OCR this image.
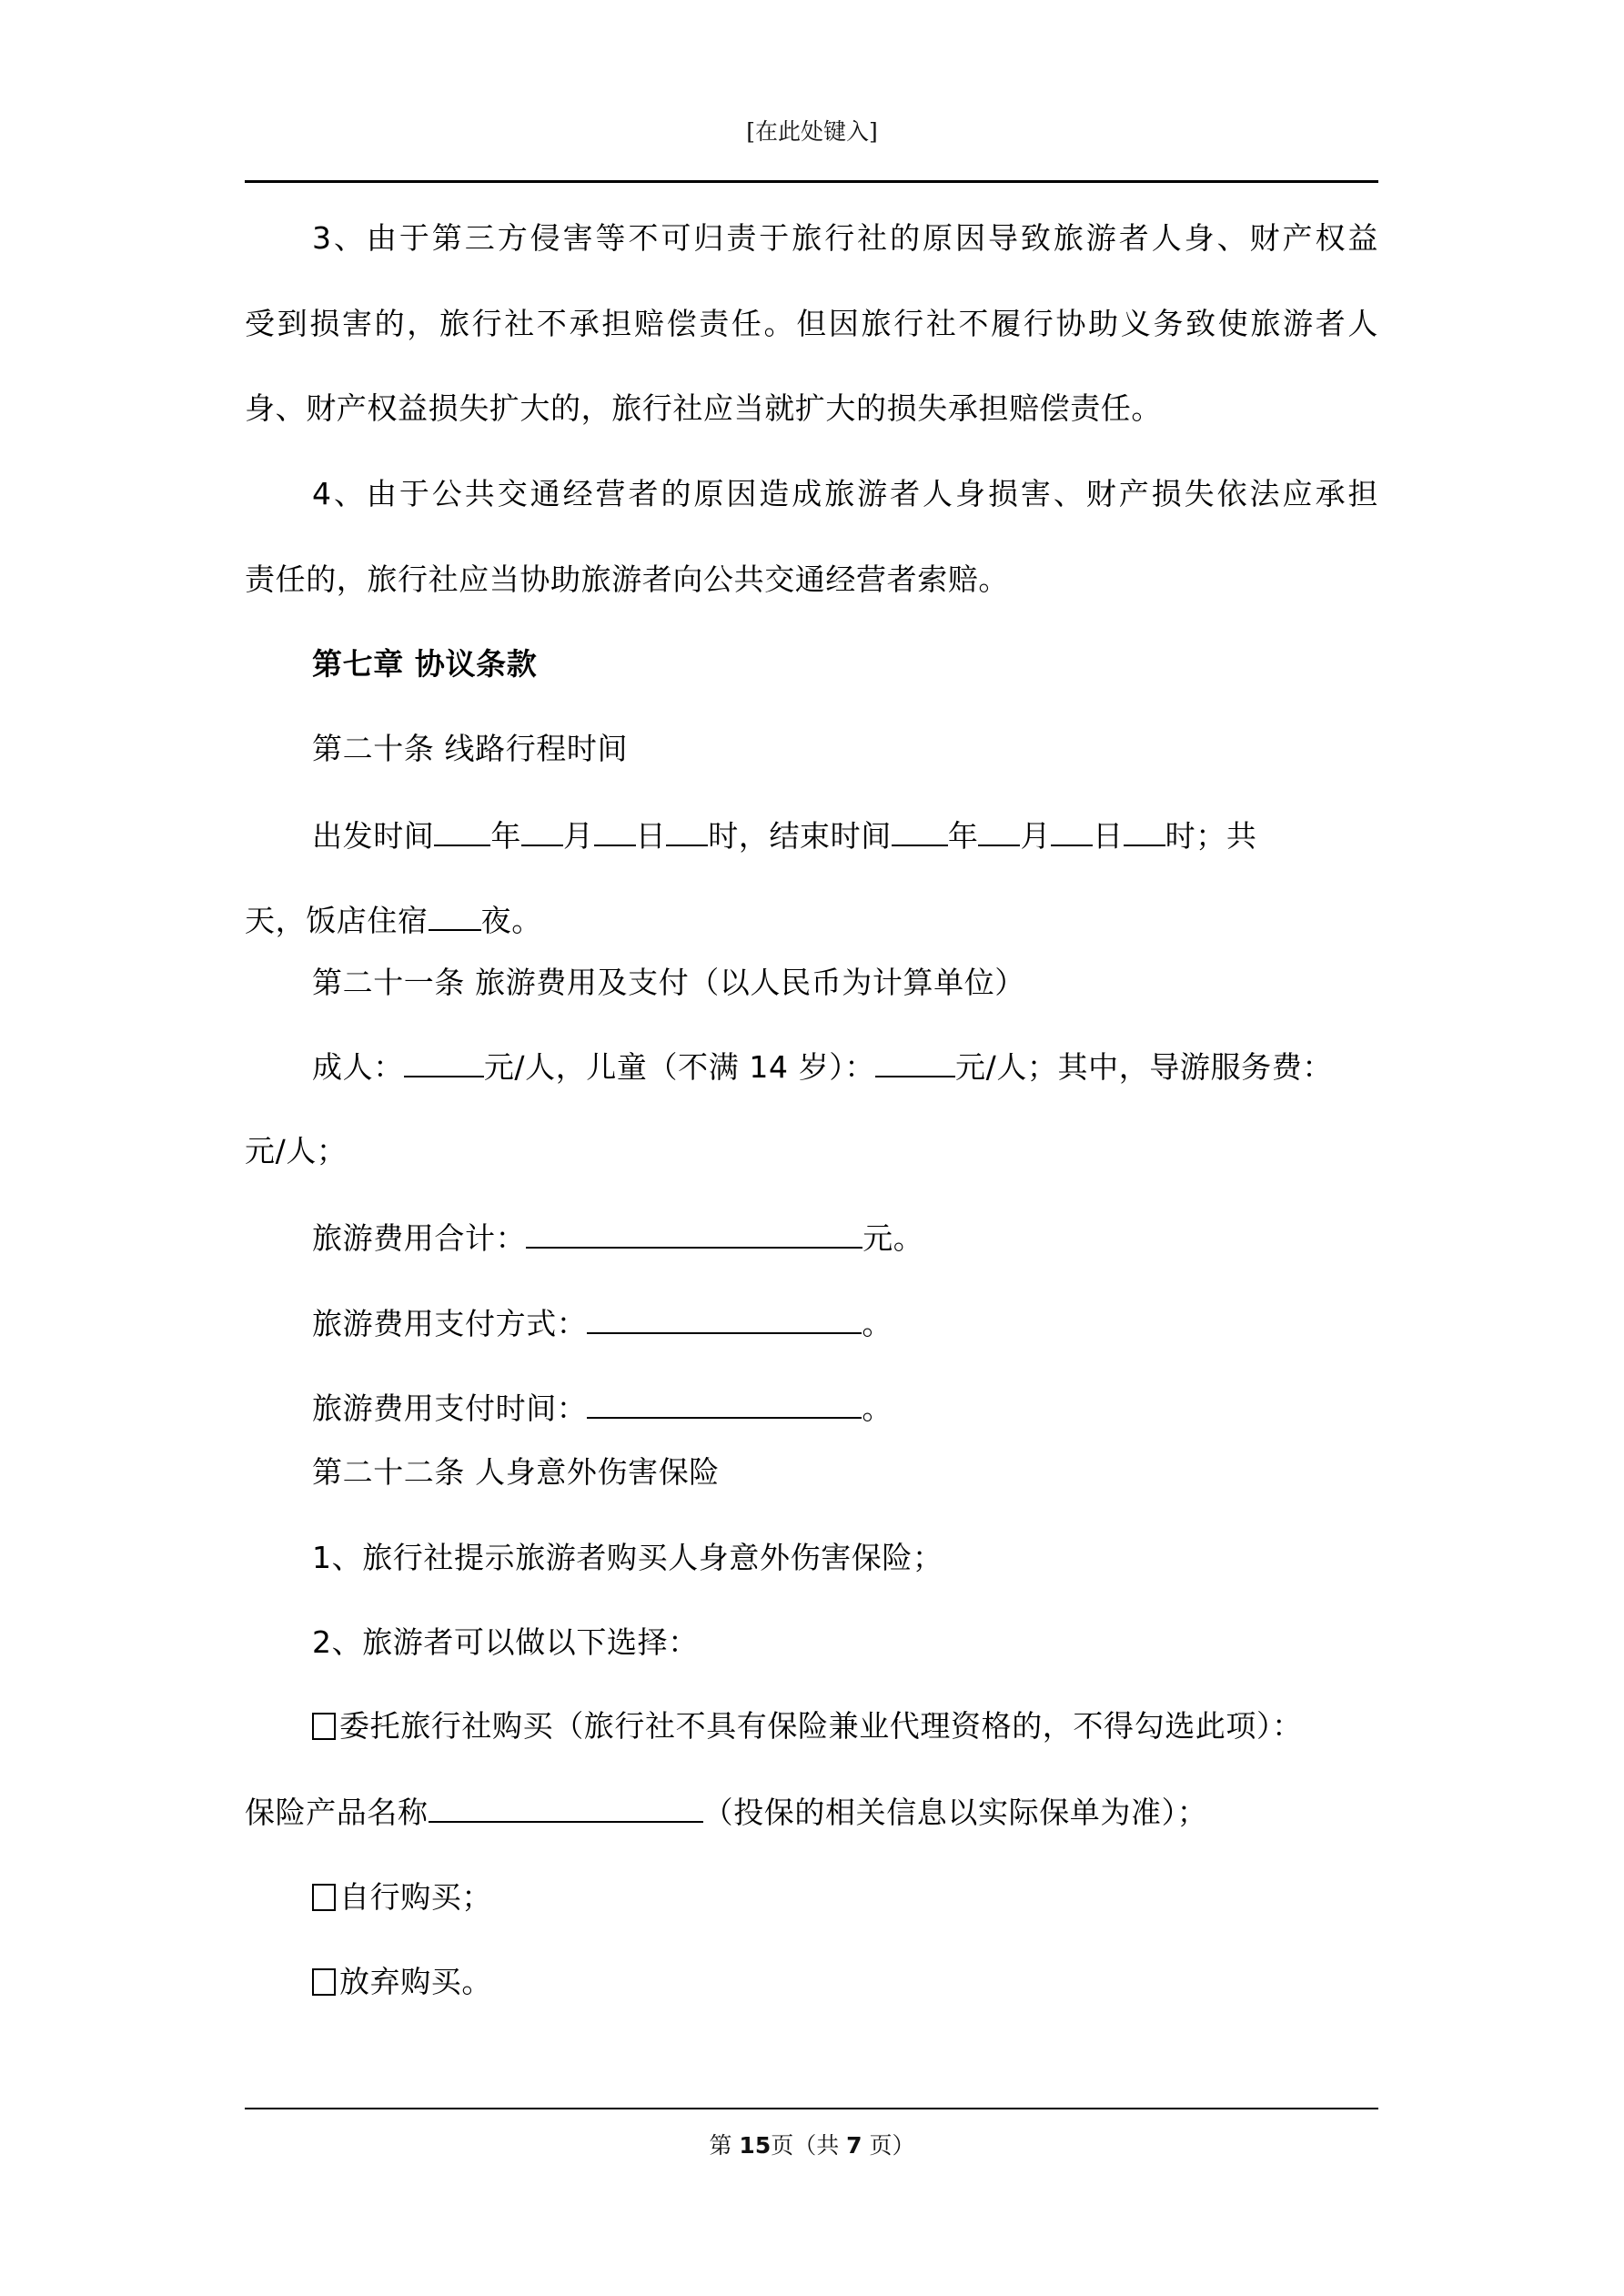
[在此处键入]
3、由于第三方侵害等不可归责于旅行社的原因导致旅游者人身、财产权益
受到损害的，旅行社不承担赔偿责任。但因旅行社不履行协助义务致使旅游者人
身、财产权益损失扩大的，旅行社应当就扩大的损失承担赔偿责任。
4、由于公共交通经营者的原因造成旅游者人身损害、财产损失依法应承担
责任的，旅行社应当协助旅游者向公共交通经营者索赔。
第七章 协议条款
第二十条 线路行程时间
出发时间 年 月 日 时，结束时间 年 月 日 时；共
天，饭店住宿 夜。
第二十一条 旅游费用及支付（以人民币为计算单位）
成人：	元/人，儿童（不满 14 岁）：	元/人；其中，导游服务费：
元/人；
旅游费用合计：	元。
旅游费用支付方式：	。
旅游费用支付时间：	。
第二十二条 人身意外伤害保险
1、旅行社提示旅游者购买人身意外伤害保险；
2、旅游者可以做以下选择：
委托旅行社购买（旅行社不具有保险兼业代理资格的，不得勾选此项）：
保险产品名称	（投保的相关信息以实际保单为准）；
自行购买；
放弃购买。
第 15页（共 7 页）
